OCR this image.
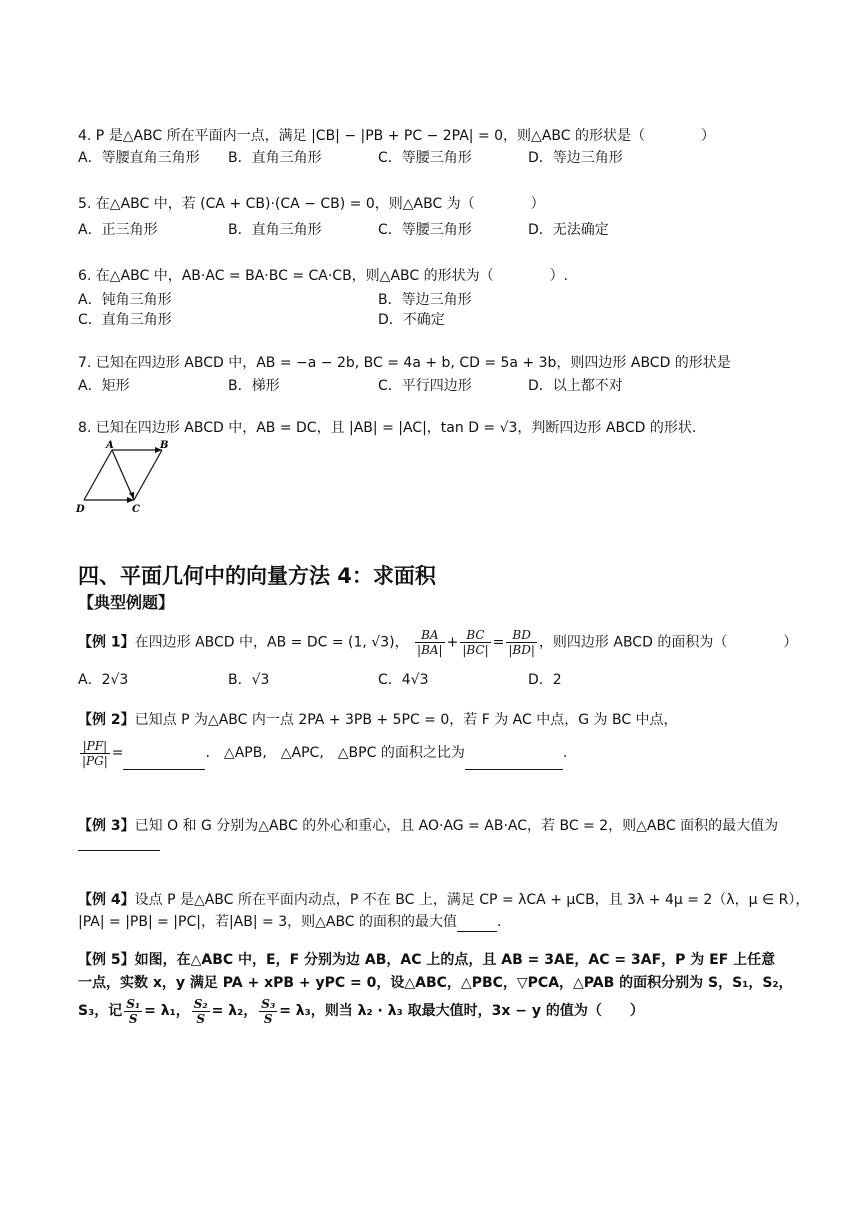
4. P 是△ABC 所在平面内一点，满足 |CB| − |PB + PC − 2PA| = 0，则△ABC 的形状是（　　　　）
A．等腰直角三角形 B．直角三角形	C．等腰三角形	D．等边三角形
5. 在△ABC 中，若 (CA + CB)·(CA − CB) = 0，则△ABC 为（　　　　）
A．正三角形	B．直角三角形	C．等腰三角形	D．无法确定
6. 在△ABC 中，AB·AC = BA·BC = CA·CB，则△ABC 的形状为（　　　　）.
A．钝角三角形	B．等边三角形
C．直角三角形	D．不确定
7. 已知在四边形 ABCD 中，AB = −a − 2b, BC = 4a + b, CD = 5a + 3b，则四边形 ABCD 的形状是
A．矩形	B．梯形	C．平行四边形	D．以上都不对
8. 已知在四边形 ABCD 中，AB = DC，且 |AB| = |AC|，tan D = √3，判断四边形 ABCD 的形状.
A	B
D	C
四、平面几何中的向量方法 4：求面积
【典型例题】
【例 1】在四边形 ABCD 中，AB = DC = (1, √3)， $\frac{BA}{|BA|} + \frac{BC}{|BC|} = \frac{BD}{|BD|}$ ，则四边形 ABCD 的面积为（　　　　）
A．2√3	B．√3	C．4√3	D．2
【例 2】已知点 P 为△ABC 内一点 2PA + 3PB + 5PC = 0，若 F 为 AC 中点，G 为 BC 中点，
$\frac{|PF|}{|PG|}$ =	.　△APB,　△APC,　△BPC 的面积之比为	.
【例 3】已知 O 和 G 分别为△ABC 的外心和重心，且 AO·AG = AB·AC，若 BC = 2，则△ABC 面积的最大值为
【例 4】设点 P 是△ABC 所在平面内动点，P 不在 BC 上，满足 CP = λCA + μCB，且 3λ + 4μ = 2（λ，μ ∈ R），
|PA| = |PB| = |PC|，若|AB| = 3，则△ABC 的面积的最大值	.
【例 5】如图，在△ABC 中，E，F 分别为边 AB，AC 上的点，且 AB = 3AE，AC = 3AF，P 为 EF 上任意
一点，实数 x，y 满足 PA + xPB + yPC = 0，设△ABC，△PBC，▽PCA，△PAB 的面积分别为 S，S₁，S₂，
S₃，记 $\frac{\text{S₁}}{S} = \lambda_1$， $\frac{\text{S₂}}{S} = \lambda_2$， $\frac{\text{S₃}}{S} = \lambda_3$，则当 λ₂ · λ₃ 取最大值时，3x − y 的值为（　　）
